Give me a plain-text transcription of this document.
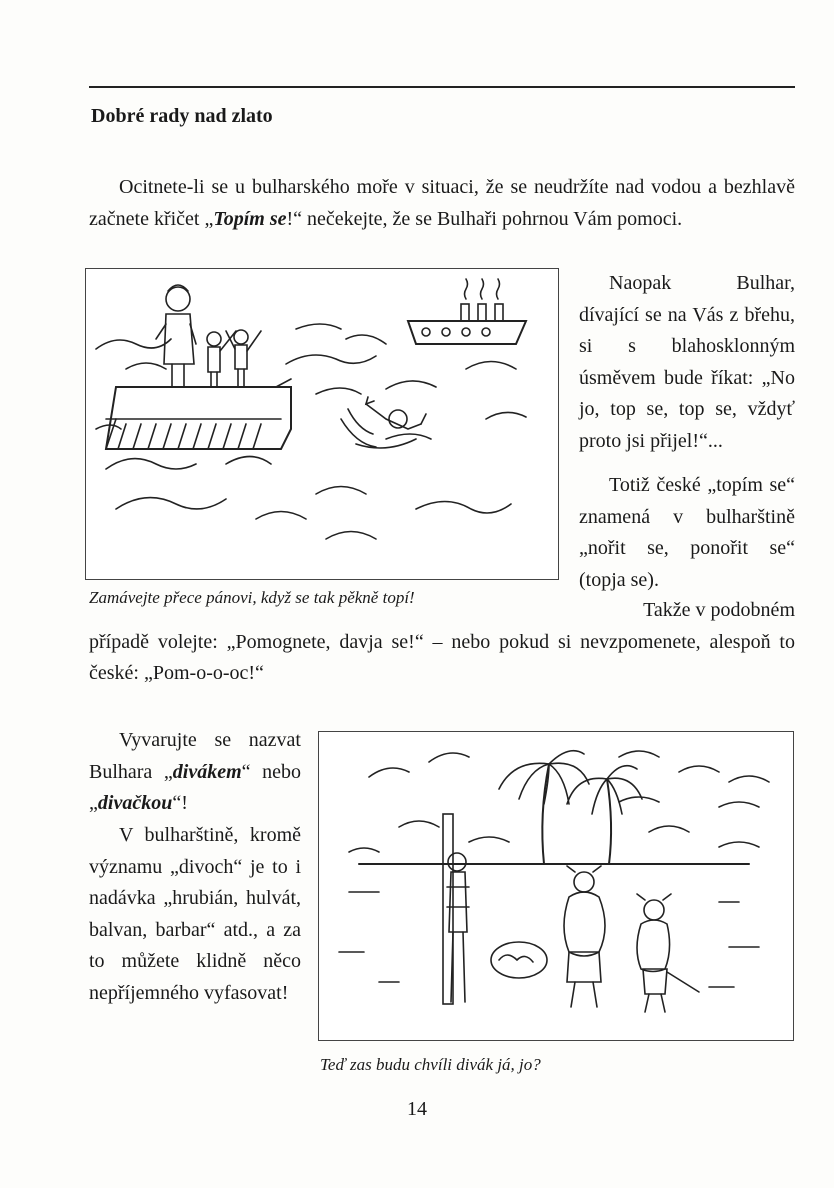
Dobré rady nad zlato

Ocitnete-li se u bulharského moře v situaci, že se neudržíte nad vodou a bezhlavě začnete křičet „Topím se!“ nečekejte, že se Bulhaři pohrnou Vám pomoci.

Zamávejte přece pánovi, když se tak pěkně topí!

Naopak Bulhar, dívající se na Vás z břehu, si s blahosklonným úsměvem bude říkat: „No jo, top se, top se, vždyť proto jsi přijel!“...

Totiž české „topím se“ znamená v bulharštině „nořit se, ponořit se“ (topja se).

Takže v podobném
případě volejte: „Pomognete, davja se!“ – nebo pokud si nevzpomenete, alespoň to české: „Pom-o-o-oc!“

Vyvarujte se nazvat Bulhara „divákem“ nebo „divačkou“!

V bulharštině, kromě významu „divoch“ je to i nadávka „hrubián, hulvát, balvan, barbar“ atd., a za to můžete klidně něco nepříjemného vyfasovat!

Teď zas budu chvíli divák já, jo?
14
